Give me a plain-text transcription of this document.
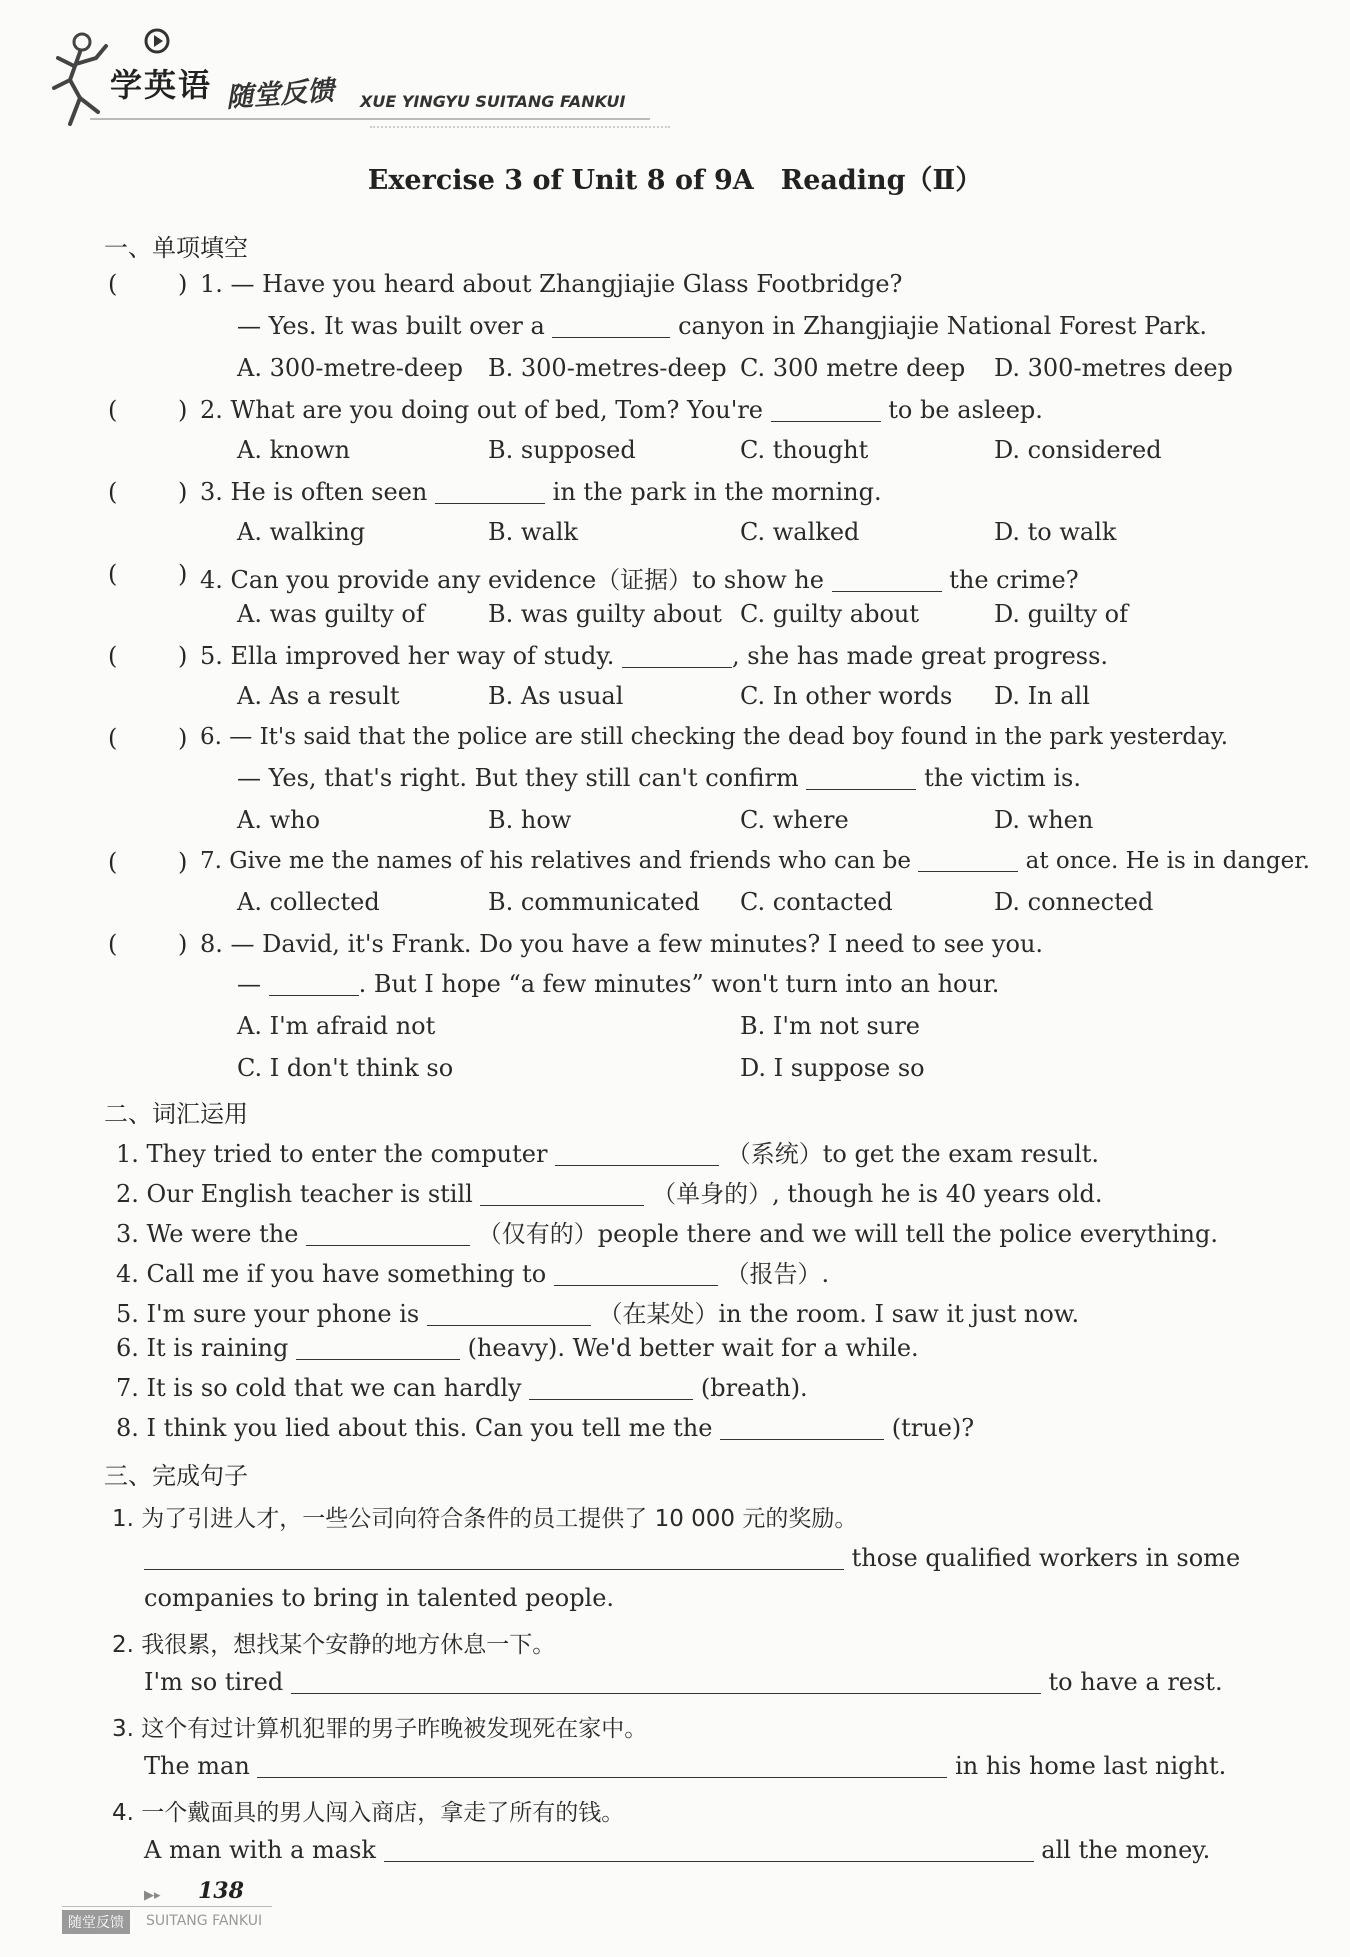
学英语 随堂反馈 XUE YINGYU SUITANG FANKUI
Exercise 3 of Unit 8 of 9A　Reading（Ⅱ）
一、单项填空
(	) 1. — Have you heard about Zhangjiajie Glass Footbridge?
— Yes. It was built over a	canyon in Zhangjiajie National Forest Park.
A. 300-metre-deep B. 300-metres-deep C. 300 metre deep D. 300-metres deep
(	) 2. What are you doing out of bed, Tom? You're	to be asleep.
A. known	B. supposed	C. thought	D. considered
(	) 3. He is often seen	in the park in the morning.
A. walking	B. walk	C. walked	D. to walk
(	) 4. Can you provide any evidence（证据）to show he	the crime?
A. was guilty of	B. was guilty about C. guilty about	D. guilty of
(	) 5. Ella improved her way of study.	, she has made great progress.
A. As a result	B. As usual	C. In other words D. In all
(	) 6. — It's said that the police are still checking the dead boy found in the park yesterday.
— Yes, that's right. But they still can't confirm	the victim is.
A. who	B. how	C. where	D. when
(	) 7. Give me the names of his relatives and friends who can be	at once. He is in danger.
A. collected	B. communicated C. contacted	D. connected
(	) 8. — David, it's Frank. Do you have a few minutes? I need to see you.
—	. But I hope “a few minutes” won't turn into an hour.
A. I'm afraid not	B. I'm not sure
C. I don't think so	D. I suppose so
二、词汇运用
1. They tried to enter the computer	（系统）to get the exam result.
2. Our English teacher is still	（单身的）, though he is 40 years old.
3. We were the	（仅有的）people there and we will tell the police everything.
4. Call me if you have something to	（报告）.
5. I'm sure your phone is	（在某处）in the room. I saw it just now.
6. It is raining	(heavy). We'd better wait for a while.
7. It is so cold that we can hardly	(breath).
8. I think you lied about this. Can you tell me the	(true)?
三、完成句子
1. 为了引进人才，一些公司向符合条件的员工提供了 10 000 元的奖励。
those qualified workers in some
companies to bring in talented people.
2. 我很累，想找某个安静的地方休息一下。
I'm so tired	to have a rest.
3. 这个有过计算机犯罪的男子昨晚被发现死在家中。
The man	in his home last night.
4. 一个戴面具的男人闯入商店，拿走了所有的钱。
A man with a mask	all the money.
▶▸ 138
随堂反馈	SUITANG FANKUI
